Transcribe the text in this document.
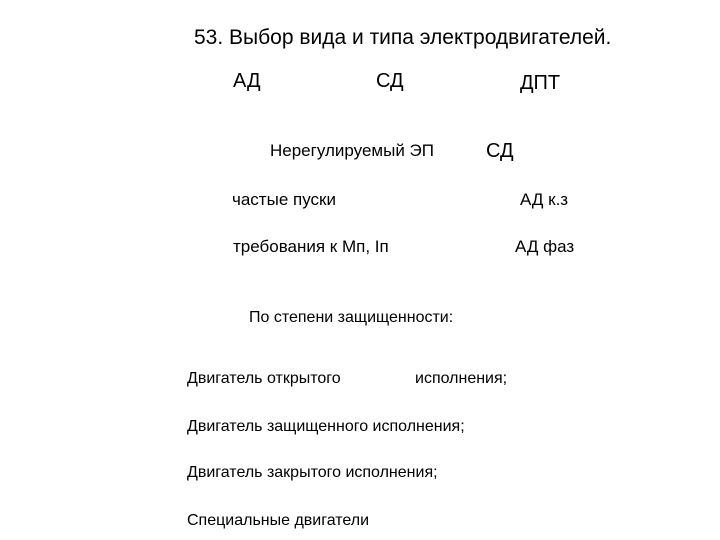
53. Выбор вида и типа электродвигателей.
АД	СД	ДПТ
Нерегулируемый ЭП	СД
частые пуски	АД к.з
требования к Мп, Iп	АД фаз
По степени защищенности:
Двигатель открытого	исполнения;
Двигатель защищенного исполнения;
Двигатель закрытого исполнения;
Специальные двигатели
